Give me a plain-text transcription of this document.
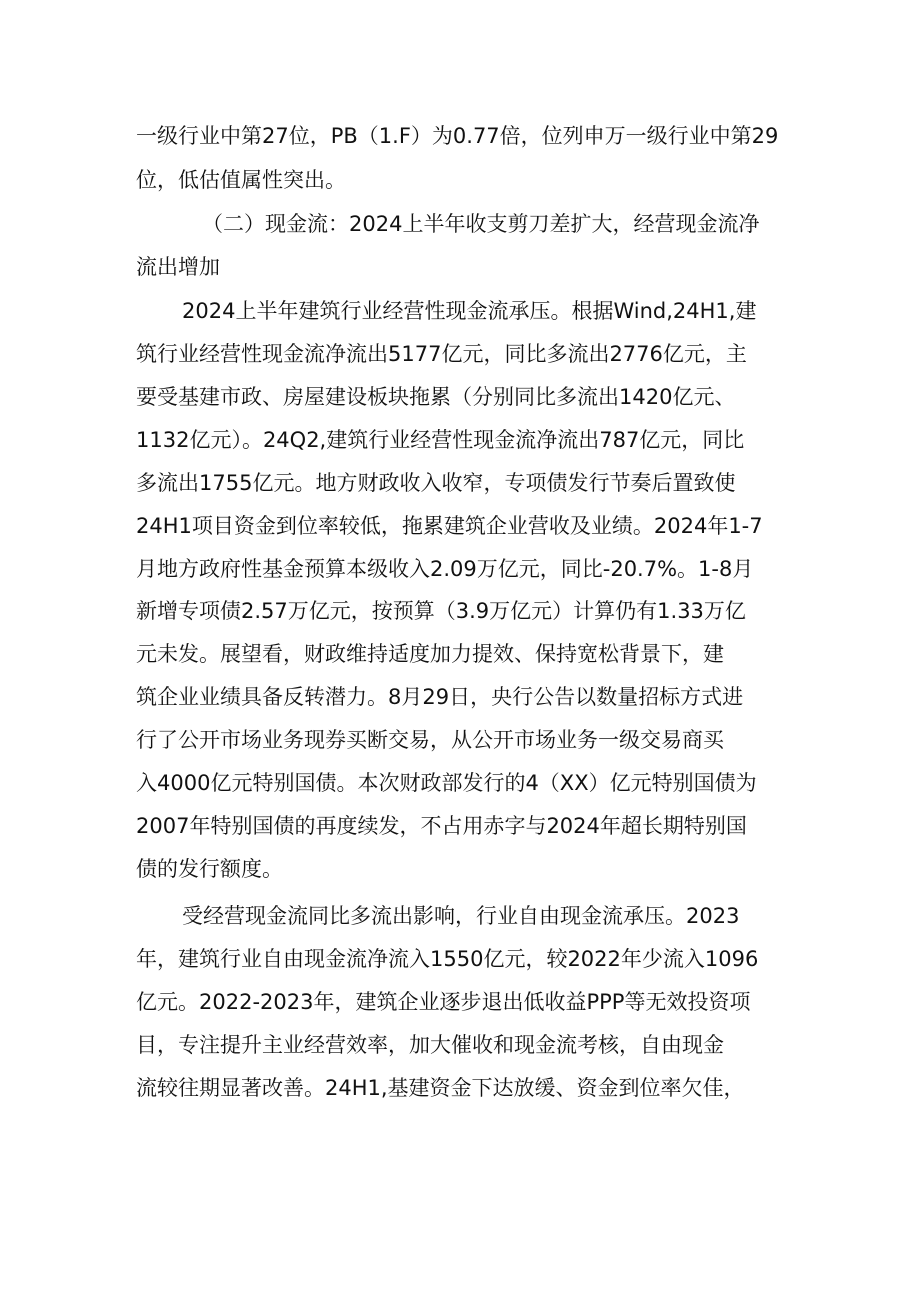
一级行业中第27位，PB（1.F）为0.77倍，位列申万一级行业中第29
位，低估值属性突出。
（二）现金流：2024上半年收支剪刀差扩大，经营现金流净
流出增加
2024上半年建筑行业经营性现金流承压。根据Wind,24H1,建
筑行业经营性现金流净流出5177亿元，同比多流出2776亿元，主
要受基建市政、房屋建设板块拖累（分别同比多流出1420亿元、
1132亿元）。24Q2,建筑行业经营性现金流净流出787亿元，同比
多流出1755亿元。地方财政收入收窄，专项债发行节奏后置致使
24H1项目资金到位率较低，拖累建筑企业营收及业绩。2024年1-7
月地方政府性基金预算本级收入2.09万亿元，同比-20.7%。1-8月
新增专项债2.57万亿元，按预算（3.9万亿元）计算仍有1.33万亿
元未发。展望看，财政维持适度加力提效、保持宽松背景下，建
筑企业业绩具备反转潜力。8月29日，央行公告以数量招标方式进
行了公开市场业务现券买断交易，从公开市场业务一级交易商买
入4000亿元特别国债。本次财政部发行的4（XX）亿元特别国债为
2007年特别国债的再度续发，不占用赤字与2024年超长期特别国
债的发行额度。
受经营现金流同比多流出影响，行业自由现金流承压。2023
年，建筑行业自由现金流净流入1550亿元，较2022年少流入1096
亿元。2022-2023年，建筑企业逐步退出低收益PPP等无效投资项
目，专注提升主业经营效率，加大催收和现金流考核，自由现金
流较往期显著改善。24H1,基建资金下达放缓、资金到位率欠佳，
